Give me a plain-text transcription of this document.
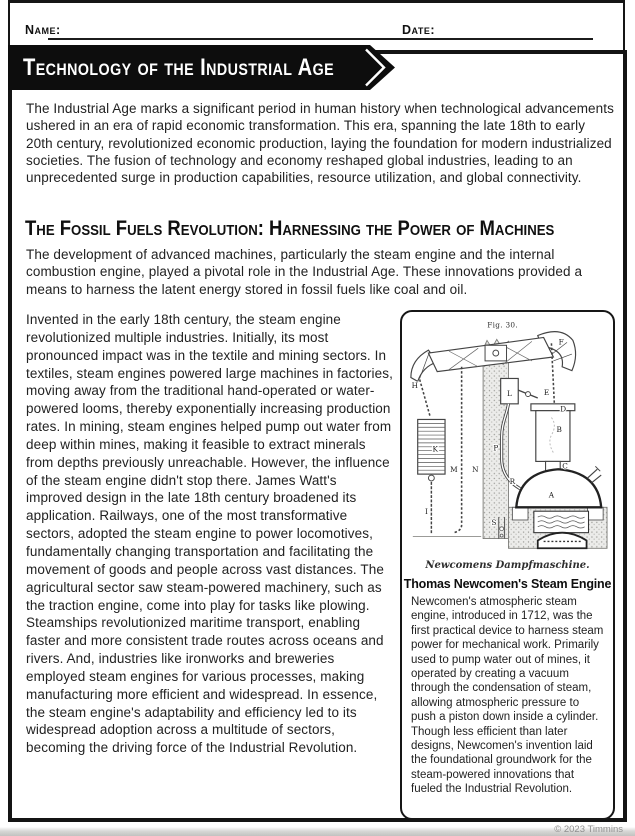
Name:	Date:
Technology of the Industrial Age
The Industrial Age marks a significant period in human history when technological advancements ushered in an era of rapid economic transformation. This era, spanning the late 18th to early 20th century, revolutionized economic production, laying the foundation for modern industrialized societies. The fusion of technology and economy reshaped global industries, leading to an unprecedented surge in production capabilities, resource utilization, and global connectivity.
The Fossil Fuels Revolution: Harnessing the Power of Machines
The development of advanced machines, particularly the steam engine and the internal combustion engine, played a pivotal role in the Industrial Age. These innovations provided a means to harness the latent energy stored in fossil fuels like coal and oil.
Invented in the early 18th century, the steam engine revolutionized multiple industries. Initially, its most pronounced impact was in the textile and mining sectors. In textiles, steam engines powered large machines in factories, moving away from the traditional hand-operated or water-powered looms, thereby exponentially increasing production rates. In mining, steam engines helped pump out water from deep within mines, making it feasible to extract minerals from depths previously unreachable. However, the influence of the steam engine didn't stop there. James Watt's improved design in the late 18th century broadened its application. Railways, one of the most transformative sectors, adopted the steam engine to power locomotives, fundamentally changing transportation and facilitating the movement of goods and people across vast distances. The agricultural sector saw steam-powered machinery, such as the traction engine, come into play for tasks like plowing. Steamships revolutionized maritime transport, enabling faster and more consistent trade routes across oceans and rivers. And, industries like ironworks and breweries employed steam engines for various processes, making manufacturing more efficient and widespread. In essence, the steam engine's adaptability and efficiency led to its widespread adoption across a multitude of sectors, becoming the driving force of the Industrial Revolution.
Fig. 30.
H
K
I
M N
L
P
R
S
E
F
D
B
C
A
Newcomens Dampfmaschine.
Thomas Newcomen's Steam Engine
Newcomen's atmospheric steam engine, introduced in 1712, was the first practical device to harness steam power for mechanical work. Primarily used to pump water out of mines, it operated by creating a vacuum through the condensation of steam, allowing atmospheric pressure to push a piston down inside a cylinder. Though less efficient than later designs, Newcomen's invention laid the foundational groundwork for the steam-powered innovations that fueled the Industrial Revolution.
© 2023 Timmins
